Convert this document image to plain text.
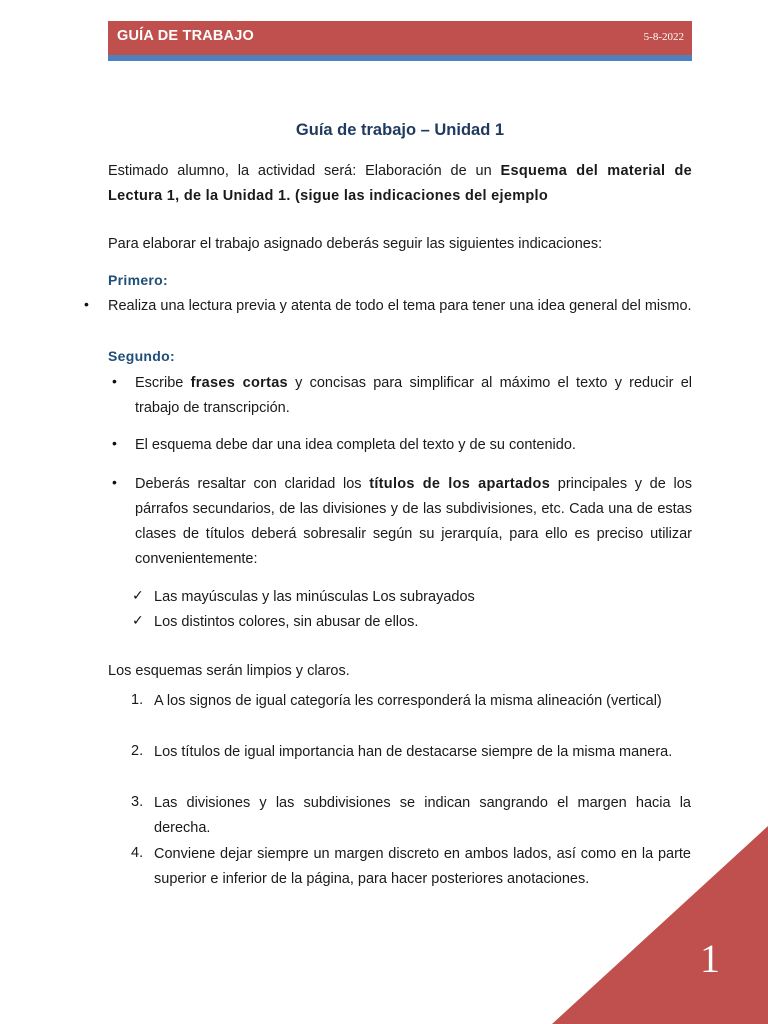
GUÍA DE TRABAJO	5-8-2022
Guía de trabajo – Unidad 1
Estimado alumno, la actividad será: Elaboración de un Esquema del material de Lectura 1, de la Unidad 1. (sigue las indicaciones del ejemplo
Para elaborar el trabajo asignado deberás seguir las siguientes indicaciones:
Primero:
• Realiza una lectura previa y atenta de todo el tema para tener una idea general del mismo.
Segundo:
• Escribe frases cortas y concisas para simplificar al máximo el texto y reducir el trabajo de transcripción.
• El esquema debe dar una idea completa del texto y de su contenido.
• Deberás resaltar con claridad los títulos de los apartados principales y de los párrafos secundarios, de las divisiones y de las subdivisiones, etc. Cada una de estas clases de títulos deberá sobresalir según su jerarquía, para ello es preciso utilizar convenientemente:
✓ Las mayúsculas y las minúsculas Los subrayados
✓ Los distintos colores, sin abusar de ellos.
Los esquemas serán limpios y claros.
1. A los signos de igual categoría les corresponderá la misma alineación (vertical)
2. Los títulos de igual importancia han de destacarse siempre de la misma manera.
3. Las divisiones y las subdivisiones se indican sangrando el margen hacia la derecha.
4. Conviene dejar siempre un margen discreto en ambos lados, así como en la parte superior e inferior de la página, para hacer posteriores anotaciones.
1
